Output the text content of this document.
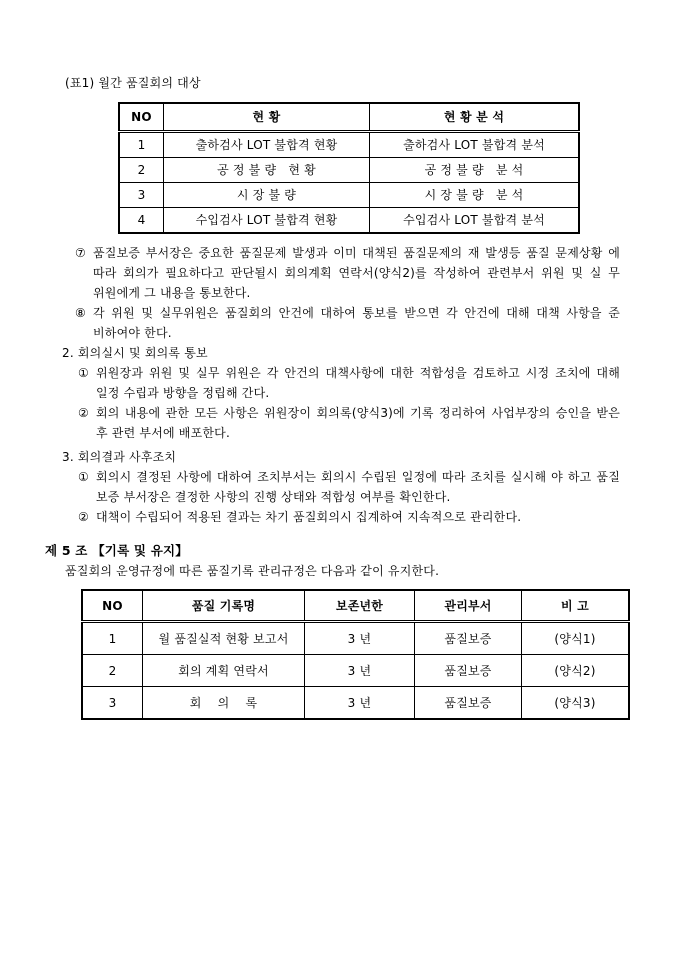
(표1) 월간 품질회의 대상

NO	현 황	현 황 분 석
1	출하검사 LOT 불합격 현황	출하검사 LOT 불합격 분석
2	공 정 불 량   현 황	공 정 불 량   분 석
3	시 장 불 량	시 장 불 량   분 석
4	수입검사 LOT 불합격 현황	수입검사 LOT 불합격 분석
⑦ 품질보증 부서장은 중요한 품질문제 발생과 이미 대책된 품질문제의 재 발생등 품질 문제상황 에 따라 회의가 필요하다고 판단될시 회의계획 연락서(양식2)를 작성하여 관련부서 위원 및 실 무 위원에게 그 내용을 통보한다.
⑧ 각 위원 및 실무위원은 품질회의 안건에 대하여 통보를 받으면 각 안건에 대해 대책 사항을 준 비하여야 한다.

2. 회의실시 및 회의록 통보

① 위원장과 위원 및 실무 위원은 각 안건의 대책사항에 대한 적합성을 검토하고 시정 조치에 대해 일정 수립과 방향을 정립해 간다.
② 회의 내용에 관한 모든 사항은 위원장이 회의록(양식3)에 기록 정리하여 사업부장의 승인을 받은 후 관련 부서에 배포한다.

3. 회의결과 사후조치

① 회의시 결정된 사항에 대하여 조치부서는 회의시 수립된 일정에 따라 조치를 실시해 야 하고 품질 보증 부서장은 결정한 사항의 진행 상태와 적합성 여부를 확인한다.
② 대책이 수립되어 적용된 결과는 차기 품질회의시 집계하여 지속적으로 관리한다.

제 5 조 【기록 및 유지】

품질회의 운영규정에 따른 품질기록 관리규정은 다음과 같이 유지한다.

NO	품질 기록명	보존년한	관리부서	비 고
1	월 품질실적 현황 보고서	3 년	품질보증	(양식1)
2	회의 계획 연락서	3 년	품질보증	(양식2)
3	회    의    록	3 년	품질보증	(양식3)
